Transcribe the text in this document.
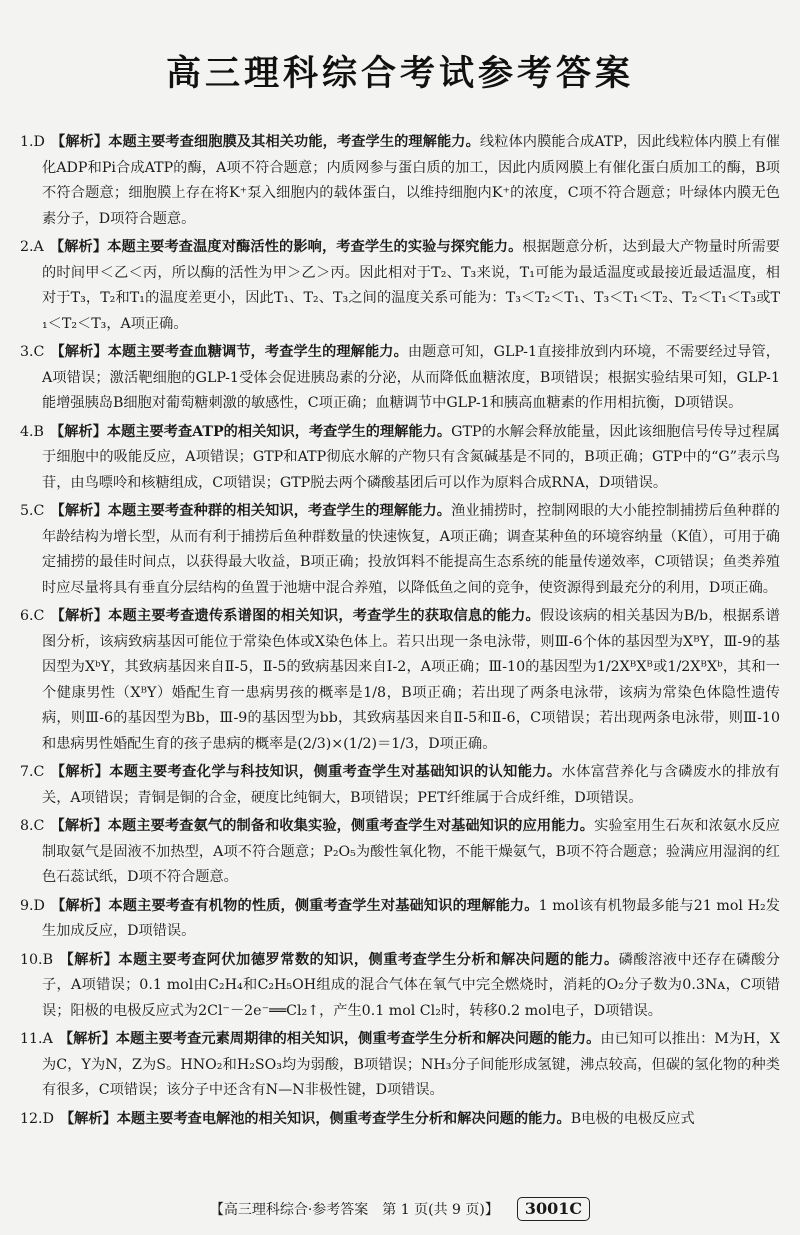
高三理科综合考试参考答案

1.D 【解析】本题主要考查细胞膜及其相关功能，考查学生的理解能力。线粒体内膜能合成ATP，因此线粒体内膜上有催化ADP和Pi合成ATP的酶，A项不符合题意；内质网参与蛋白质的加工，因此内质网膜上有催化蛋白质加工的酶，B项不符合题意；细胞膜上存在将K⁺泵入细胞内的载体蛋白，以维持细胞内K⁺的浓度，C项不符合题意；叶绿体内膜无色素分子，D项符合题意。

2.A 【解析】本题主要考查温度对酶活性的影响，考查学生的实验与探究能力。根据题意分析，达到最大产物量时所需要的时间甲＜乙＜丙，所以酶的活性为甲＞乙＞丙。因此相对于T₂、T₃来说，T₁可能为最适温度或最接近最适温度，相对于T₃，T₂和T₁的温度差更小，因此T₁、T₂、T₃之间的温度关系可能为：T₃＜T₂＜T₁、T₃＜T₁＜T₂、T₂＜T₁＜T₃或T₁＜T₂＜T₃，A项正确。

3.C 【解析】本题主要考查血糖调节，考查学生的理解能力。由题意可知，GLP-1直接排放到内环境，不需要经过导管，A项错误；激活靶细胞的GLP-1受体会促进胰岛素的分泌，从而降低血糖浓度，B项错误；根据实验结果可知，GLP-1能增强胰岛B细胞对葡萄糖刺激的敏感性，C项正确；血糖调节中GLP-1和胰高血糖素的作用相抗衡，D项错误。

4.B 【解析】本题主要考查ATP的相关知识，考查学生的理解能力。GTP的水解会释放能量，因此该细胞信号传导过程属于细胞中的吸能反应，A项错误；GTP和ATP彻底水解的产物只有含氮碱基是不同的，B项正确；GTP中的“G”表示鸟苷，由鸟嘌呤和核糖组成，C项错误；GTP脱去两个磷酸基团后可以作为原料合成RNA，D项错误。

5.C 【解析】本题主要考查种群的相关知识，考查学生的理解能力。渔业捕捞时，控制网眼的大小能控制捕捞后鱼种群的年龄结构为增长型，从而有利于捕捞后鱼种群数量的快速恢复，A项正确；调查某种鱼的环境容纳量（K值），可用于确定捕捞的最佳时间点，以获得最大收益，B项正确；投放饵料不能提高生态系统的能量传递效率，C项错误；鱼类养殖时应尽量将具有垂直分层结构的鱼置于池塘中混合养殖，以降低鱼之间的竞争，使资源得到最充分的利用，D项正确。

6.C 【解析】本题主要考查遗传系谱图的相关知识，考查学生的获取信息的能力。假设该病的相关基因为B/b，根据系谱图分析，该病致病基因可能位于常染色体或X染色体上。若只出现一条电泳带，则Ⅲ-6个体的基因型为XᴮY，Ⅲ-9的基因型为XᵇY，其致病基因来自Ⅱ-5，Ⅱ-5的致病基因来自Ⅰ-2，A项正确；Ⅲ-10的基因型为1/2XᴮXᴮ或1/2XᴮXᵇ，其和一个健康男性（XᴮY）婚配生育一患病男孩的概率是1/8，B项正确；若出现了两条电泳带，该病为常染色体隐性遗传病，则Ⅲ-6的基因型为Bb，Ⅲ-9的基因型为bb，其致病基因来自Ⅱ-5和Ⅱ-6，C项错误；若出现两条电泳带，则Ⅲ-10和患病男性婚配生育的孩子患病的概率是(2/3)×(1/2)＝1/3，D项正确。

7.C 【解析】本题主要考查化学与科技知识，侧重考查学生对基础知识的认知能力。水体富营养化与含磷废水的排放有关，A项错误；青铜是铜的合金，硬度比纯铜大，B项错误；PET纤维属于合成纤维，D项错误。

8.C 【解析】本题主要考查氨气的制备和收集实验，侧重考查学生对基础知识的应用能力。实验室用生石灰和浓氨水反应制取氨气是固液不加热型，A项不符合题意；P₂O₅为酸性氧化物，不能干燥氨气，B项不符合题意；验满应用湿润的红色石蕊试纸，D项不符合题意。

9.D 【解析】本题主要考查有机物的性质，侧重考查学生对基础知识的理解能力。1 mol该有机物最多能与21 mol H₂发生加成反应，D项错误。

10.B 【解析】本题主要考查阿伏加德罗常数的知识，侧重考查学生分析和解决问题的能力。磷酸溶液中还存在磷酸分子，A项错误；0.1 mol由C₂H₄和C₂H₅OH组成的混合气体在氧气中完全燃烧时，消耗的O₂分子数为0.3Nᴀ，C项错误；阳极的电极反应式为2Cl⁻－2e⁻══Cl₂↑，产生0.1 mol Cl₂时，转移0.2 mol电子，D项错误。

11.A 【解析】本题主要考查元素周期律的相关知识，侧重考查学生分析和解决问题的能力。由已知可以推出：M为H，X为C，Y为N，Z为S。HNO₂和H₂SO₃均为弱酸，B项错误；NH₃分子间能形成氢键，沸点较高，但碳的氢化物的种类有很多，C项错误；该分子中还含有N—N非极性键，D项错误。

12.D 【解析】本题主要考查电解池的相关知识，侧重考查学生分析和解决问题的能力。B电极的电极反应式

【高三理科综合·参考答案　第 1 页(共 9 页)】	3001C
